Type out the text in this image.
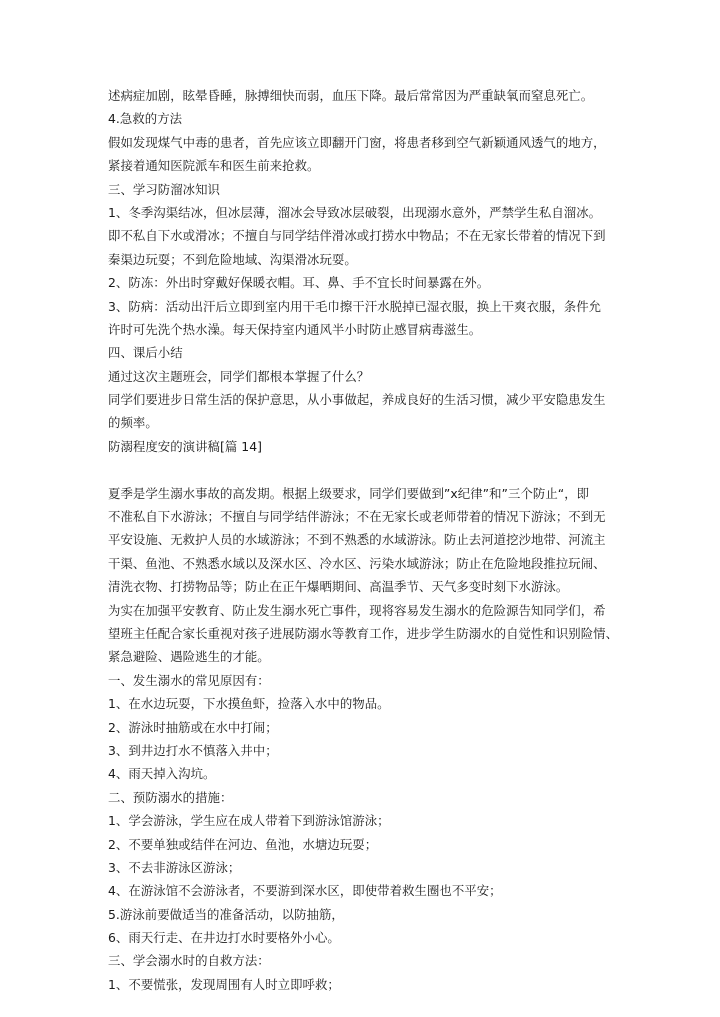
述病症加剧，眩晕昏睡，脉搏细快而弱，血压下降。最后常常因为严重缺氧而窒息死亡。
4.急救的方法
假如发现煤气中毒的患者，首先应该立即翻开门窗，将患者移到空气新颖通风透气的地方，
紧接着通知医院派车和医生前来抢救。
三、学习防溜冰知识
1、冬季沟渠结冰，但冰层薄，溜冰会导致冰层破裂，出现溺水意外，严禁学生私自溜冰。
即不私自下水或滑冰；不擅自与同学结伴滑冰或打捞水中物品；不在无家长带着的情况下到
秦渠边玩耍；不到危险地域、沟渠滑冰玩耍。
2、防冻：外出时穿戴好保暖衣帽。耳、鼻、手不宜长时间暴露在外。
3、防病：活动出汗后立即到室内用干毛巾擦干汗水脱掉已湿衣服，换上干爽衣服，条件允
许时可先洗个热水澡。每天保持室内通风半小时防止感冒病毒滋生。
四、课后小结
通过这次主题班会，同学们都根本掌握了什么？
同学们要进步日常生活的保护意思，从小事做起，养成良好的生活习惯，减少平安隐患发生
的频率。
防溺程度安的演讲稿[篇 14]
夏季是学生溺水事故的高发期。根据上级要求，同学们要做到”x纪律”和”三个防止“，即
不准私自下水游泳；不擅自与同学结伴游泳；不在无家长或老师带着的情况下游泳；不到无
平安设施、无救护人员的水域游泳；不到不熟悉的水域游泳。防止去河道挖沙地带、河流主
干渠、鱼池、不熟悉水域以及深水区、冷水区、污染水域游泳；防止在危险地段推拉玩闹、
清洗衣物、打捞物品等；防止在正午爆晒期间、高温季节、天气多变时刻下水游泳。
为实在加强平安教育、防止发生溺水死亡事件，现将容易发生溺水的危险源告知同学们，希
望班主任配合家长重视对孩子进展防溺水等教育工作，进步学生防溺水的自觉性和识别险情、
紧急避险、遇险逃生的才能。
一、发生溺水的常见原因有：
1、在水边玩耍，下水摸鱼虾，捡落入水中的物品。
2、游泳时抽筋或在水中打闹；
3、到井边打水不慎落入井中；
4、雨天掉入沟坑。
二、预防溺水的措施：
1、学会游泳，学生应在成人带着下到游泳馆游泳；
2、不要单独或结伴在河边、鱼池，水塘边玩耍；
3、不去非游泳区游泳；
4、在游泳馆不会游泳者，不要游到深水区，即使带着救生圈也不平安；
5.游泳前要做适当的准备活动，以防抽筋，
6、雨天行走、在井边打水时要格外小心。
三、学会溺水时的自救方法：
1、不要慌张，发现周围有人时立即呼救；
